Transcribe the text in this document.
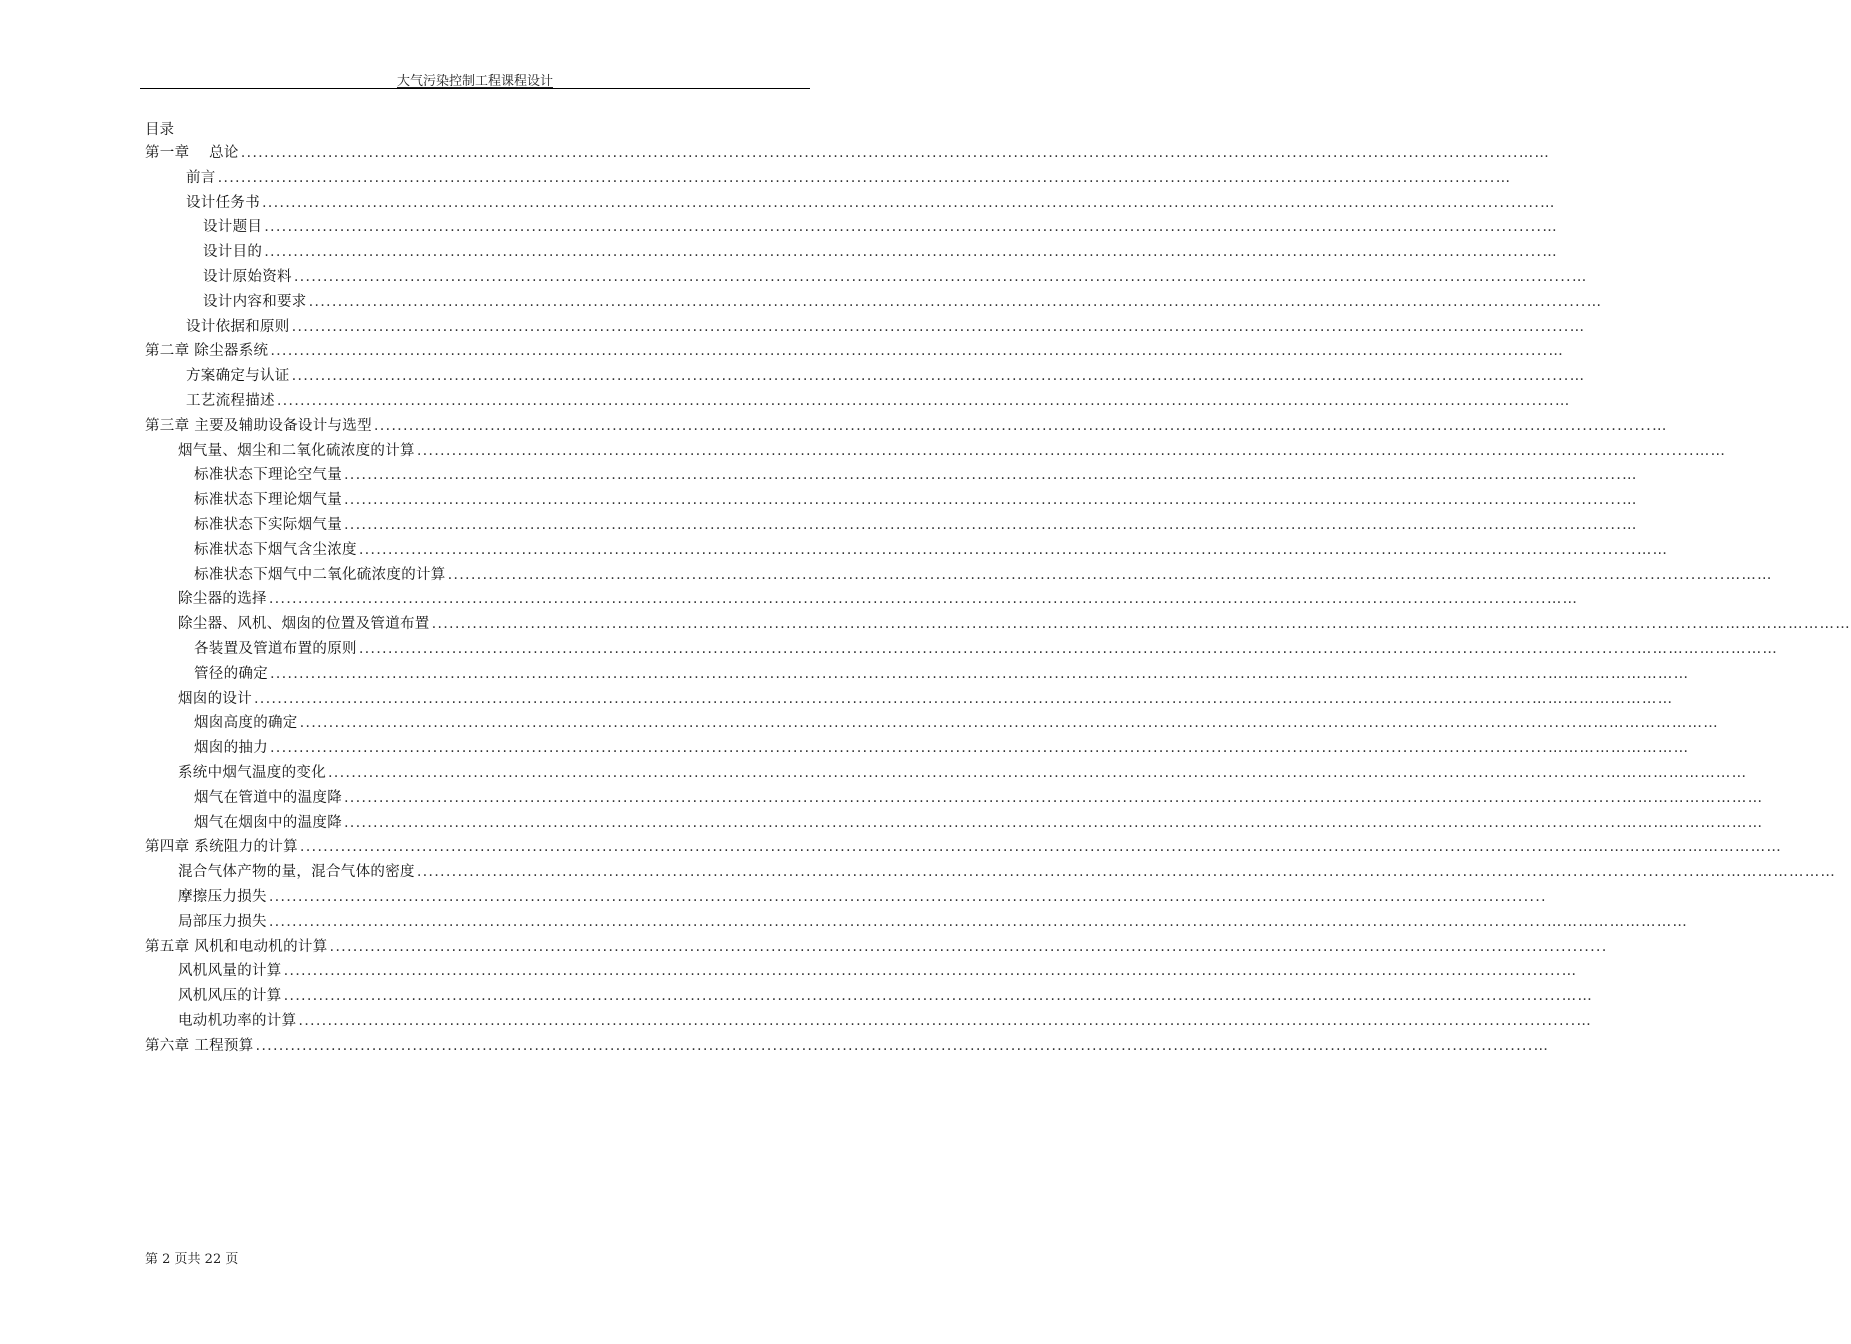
大气污染控制工程课程设计
目录
第一章　 总论 ............................................................................................................................................................................................................................ ……
前言 ............................................................................................................................................................................................................................ …
设计任务书 ............................................................................................................................................................................................................................ …
设计题目 ............................................................................................................................................................................................................................ …
设计目的 ............................................................................................................................................................................................................................ …
设计原始资料 ............................................................................................................................................................................................................................ …
设计内容和要求 ............................................................................................................................................................................................................................ …
设计依据和原则 ............................................................................................................................................................................................................................ …
第二章 除尘器系统 ............................................................................................................................................................................................................................ …
方案确定与认证 ............................................................................................................................................................................................................................ …
工艺流程描述 ............................................................................................................................................................................................................................ …
第三章 主要及辅助设备设计与选型 ............................................................................................................................................................................................................................ …
烟气量、烟尘和二氧化硫浓度的计算 ............................................................................................................................................................................................................................ ……
标准状态下理论空气量 ............................................................................................................................................................................................................................ …
标准状态下理论烟气量 ............................................................................................................................................................................................................................ …
标准状态下实际烟气量 ............................................................................................................................................................................................................................ …
标准状态下烟气含尘浓度 ............................................................................................................................................................................................................................ ……
标准状态下烟气中二氧化硫浓度的计算 ............................................................................................................................................................................................................................ ………
除尘器的选择 ............................................................................................................................................................................................................................ ……
除尘器、风机、烟囱的位置及管道布置 ............................................................................................................................................................................................................................ ………………………
各装置及管道布置的原则 ............................................................................................................................................................................................................................ ………………………
管径的确定 ............................................................................................................................................................................................................................ ………………………
烟囱的设计 ............................................................................................................................................................................................................................ ………………………
烟囱高度的确定 ............................................................................................................................................................................................................................ ………………………
烟囱的抽力 ............................................................................................................................................................................................................................ ………………………
系统中烟气温度的变化 ............................................................................................................................................................................................................................ ………………………
烟气在管道中的温度降 ............................................................................................................................................................................................................................ ………………………
烟气在烟囱中的温度降 ............................................................................................................................................................................................................................ ………………………
第四章 系统阻力的计算 ............................................................................................................................................................................................................................ …………………………………
混合气体产物的量，混合气体的密度 ............................................................................................................................................................................................................................ ………………………
摩擦压力损失 ............................................................................................................................................................................................................................
局部压力损失 ............................................................................................................................................................................................................................ ………………………
第五章 风机和电动机的计算 ............................................................................................................................................................................................................................
风机风量的计算 ............................................................................................................................................................................................................................ …
风机风压的计算 ............................................................................................................................................................................................................................ ……
电动机功率的计算 ............................................................................................................................................................................................................................ …
第六章 工程预算 ............................................................................................................................................................................................................................ …
第 2 页共 22 页
